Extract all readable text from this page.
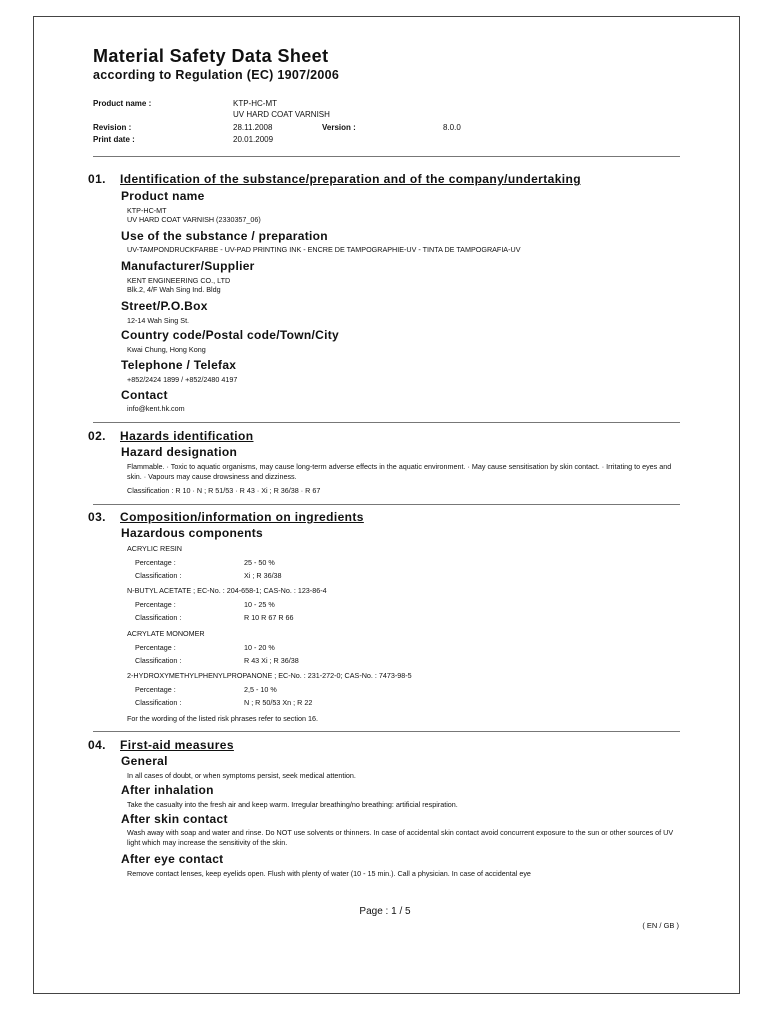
Material Safety Data Sheet
according to Regulation (EC) 1907/2006
Product name :	KTP-HC-MT
UV HARD COAT VARNISH
Revision :	28.11.2008	Version :	8.0.0
Print date :	20.01.2009
01. Identification of the substance/preparation and of the company/undertaking
Product name
KTP-HC-MT
UV HARD COAT VARNISH (2330357_06)
Use of the substance / preparation
UV-TAMPONDRUCKFARBE - UV-PAD PRINTING INK - ENCRE DE TAMPOGRAPHIE-UV - TINTA DE TAMPOGRAFIA-UV
Manufacturer/Supplier
KENT ENGINEERING CO., LTD
Blk.2, 4/F Wah Sing Ind. Bldg
Street/P.O.Box
12-14 Wah Sing St.
Country code/Postal code/Town/City
Kwai Chung, Hong Kong
Telephone / Telefax
+852/2424 1899 / +852/2480 4197
Contact
info@kent.hk.com
02. Hazards identification
Hazard designation
Flammable. · Toxic to aquatic organisms, may cause long-term adverse effects in the aquatic environment. · May cause sensitisation by skin contact. · Irritating to eyes and skin. · Vapours may cause drowsiness and dizziness.
Classification : R 10 · N ; R 51/53 · R 43 · Xi ; R 36/38 · R 67
03. Composition/information on ingredients
Hazardous components
ACRYLIC RESIN
Percentage :	25 - 50 %
Classification :	Xi ; R 36/38
N-BUTYL ACETATE ; EC-No. : 204-658-1; CAS-No. : 123-86-4
Percentage :	10 - 25 %
Classification :	R 10 R 67 R 66
ACRYLATE MONOMER
Percentage :	10 - 20 %
Classification :	R 43 Xi ; R 36/38
2-HYDROXYMETHYLPHENYLPROPANONE ; EC-No. : 231-272-0; CAS-No. : 7473-98-5
Percentage :	2,5 - 10 %
Classification :	N ; R 50/53 Xn ; R 22
For the wording of the listed risk phrases refer to section 16.
04. First-aid measures
General
In all cases of doubt, or when symptoms persist, seek medical attention.
After inhalation
Take the casualty into the fresh air and keep warm. Irregular breathing/no breathing: artificial respiration.
After skin contact
Wash away with soap and water and rinse. Do NOT use solvents or thinners. In case of accidental skin contact avoid concurrent exposure to the sun or other sources of UV light which may increase the sensitivity of the skin.
After eye contact
Remove contact lenses, keep eyelids open. Flush with plenty of water (10 - 15 min.). Call a physician. In case of accidental eye
Page : 1 / 5
( EN / GB )
